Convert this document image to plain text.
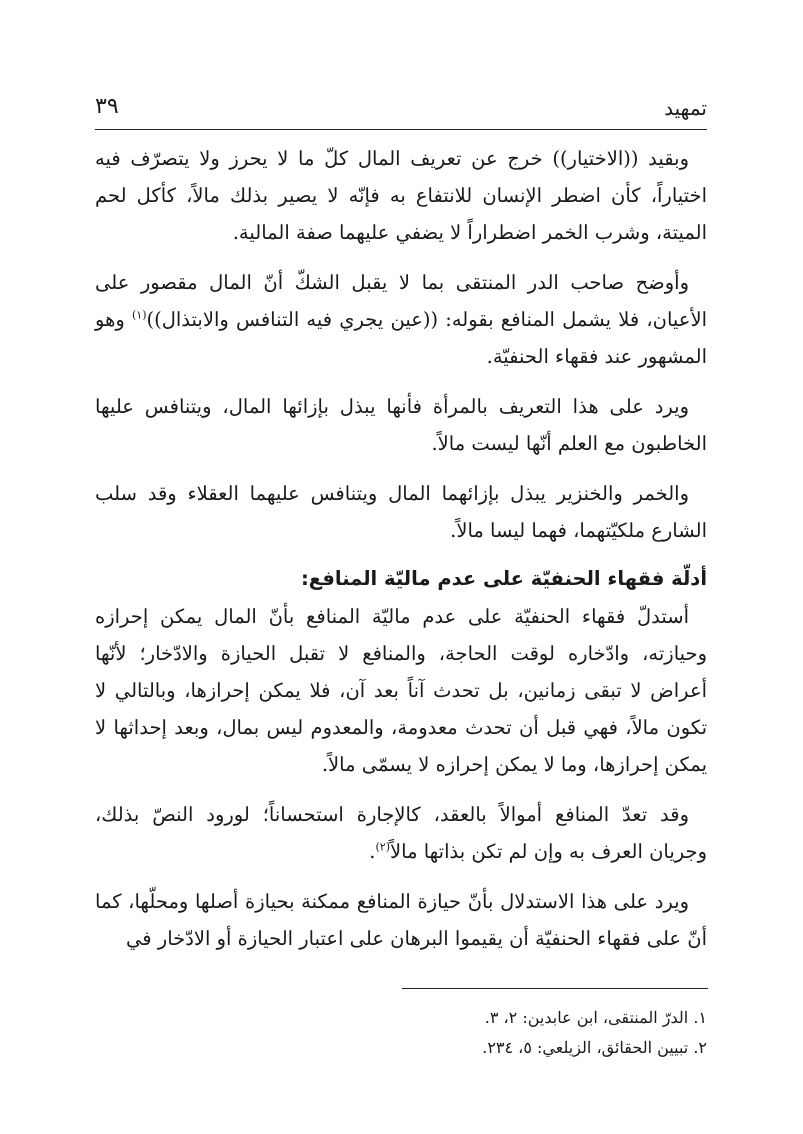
تمهيد
٣٩

وبقيد ((الاختيار)) خرج عن تعريف المال كلّ ما لا يحرز ولا يتصرّف فيه اختياراً، كأن اضطر الإنسان للانتفاع به فإنّه لا يصير بذلك مالاً، كأكل لحم الميتة، وشرب الخمر اضطراراً لا يضفي عليهما صفة المالية.

وأوضح صاحب الدر المنتقى بما لا يقبل الشكّ أنّ المال مقصور على الأعيان، فلا يشمل المنافع بقوله: ((عين يجري فيه التنافس والابتذال))$^{(١)}$ وهو المشهور عند فقهاء الحنفيّة.

ويرد على هذا التعريف بالمرأة فأنها يبذل بإزائها المال، ويتنافس عليها الخاطبون مع العلم أنّها ليست مالاً.

والخمر والخنزير يبذل بإزائهما المال ويتنافس عليهما العقلاء وقد سلب الشارع ملكيّتهما، فهما ليسا مالاً.

أدلّة فقهاء الحنفيّة على عدم ماليّة المنافع:

أستدلّ فقهاء الحنفيّة على عدم ماليّة المنافع بأنّ المال يمكن إحرازه وحيازته، وادّخاره لوقت الحاجة، والمنافع لا تقبل الحيازة والادّخار؛ لأنّها أعراض لا تبقى زمانين، بل تحدث آناً بعد آن، فلا يمكن إحرازها، وبالتالي لا تكون مالاً، فهي قبل أن تحدث معدومة، والمعدوم ليس بمال، وبعد إحداثها لا يمكن إحرازها، وما لا يمكن إحرازه لا يسمّى مالاً.

وقد تعدّ المنافع أموالاً بالعقد، كالإجارة استحساناً؛ لورود النصّ بذلك، وجريان العرف به وإن لم تكن بذاتها مالاً$^{(٢)}$.

ويرد على هذا الاستدلال بأنّ حيازة المنافع ممكنة بحيازة أصلها ومحلّها، كما أنّ على فقهاء الحنفيّة أن يقيموا البرهان على اعتبار الحيازة أو الادّخار في

١. الدرّ المنتقى، ابن عابدين: ٢، ٣.
٢. تبيين الحقائق، الزيلعي: ٥، ٢٣٤.
